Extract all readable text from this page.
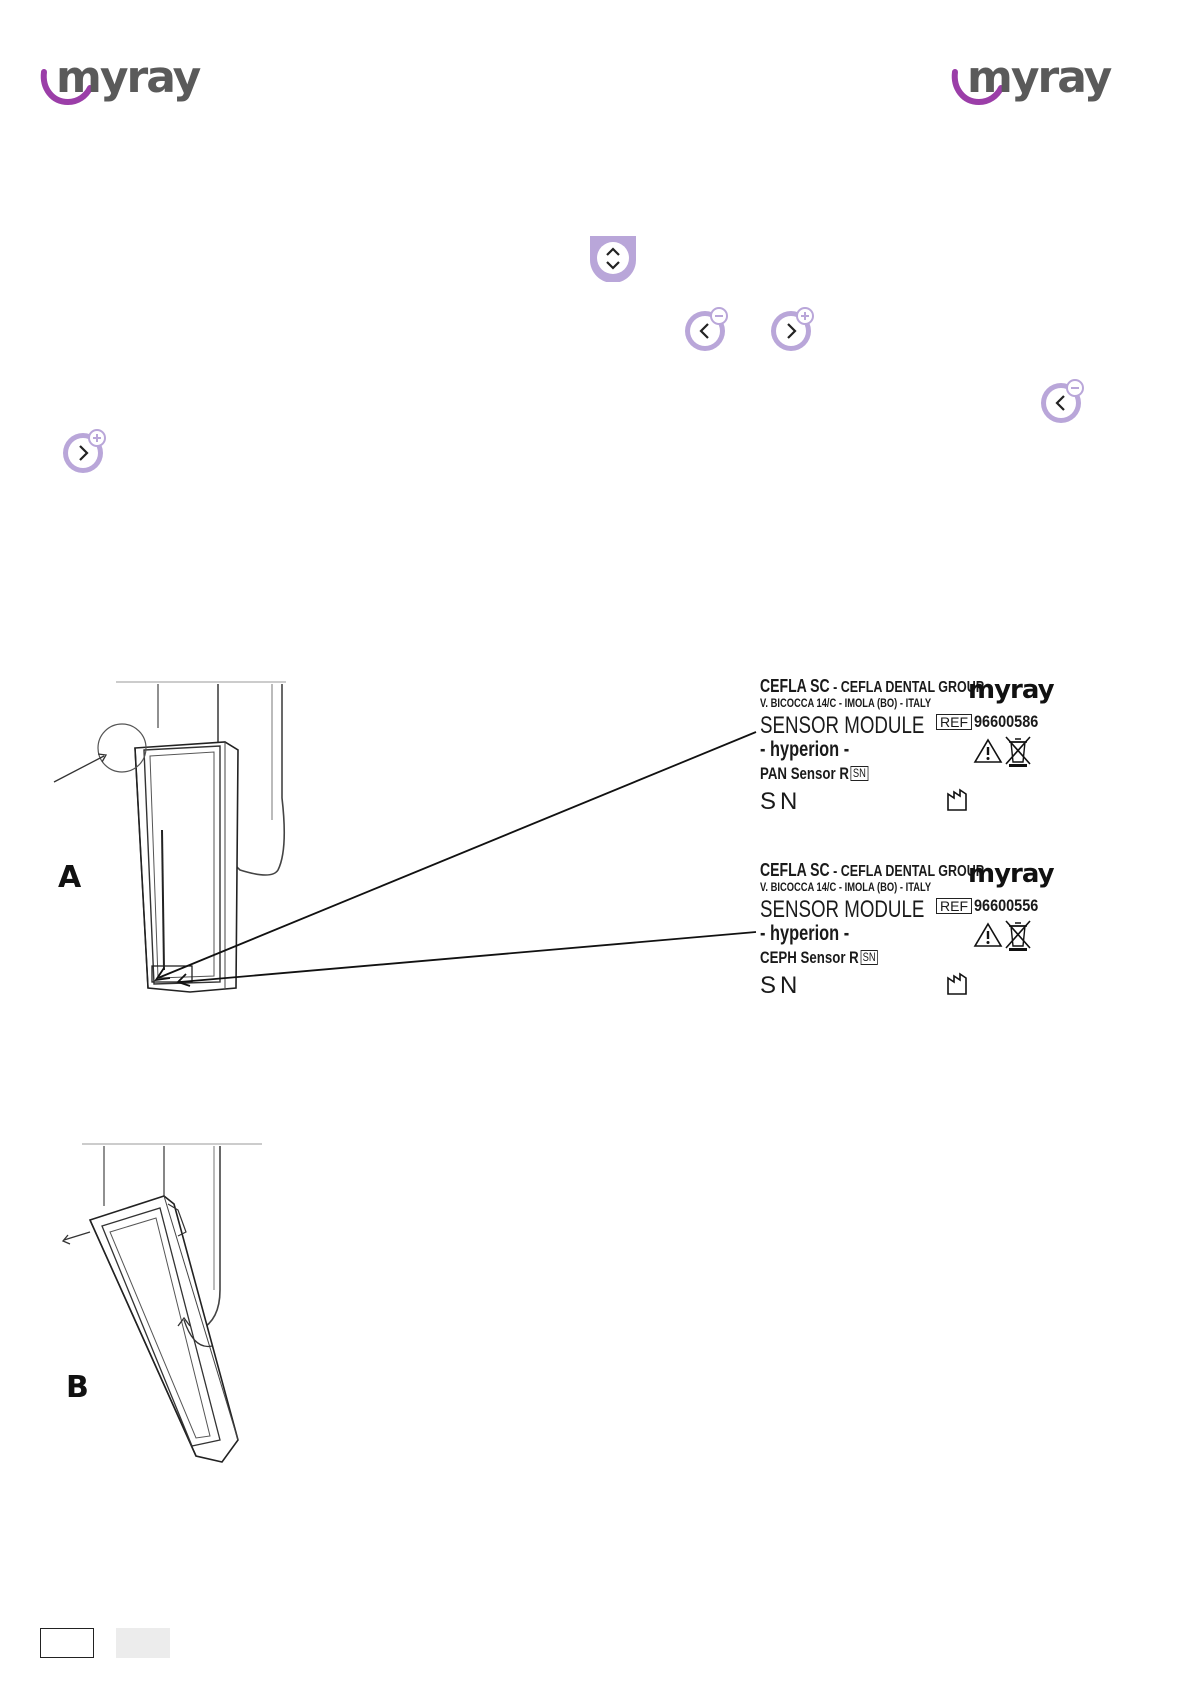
myray	myray
A
CEFLA SC - CEFLA DENTAL GROUP
V. BICOCCA 14/C - IMOLA (BO) - ITALY myray
SENSOR MODULE REF 96600586
- hyperion -
PAN Sensor R SN
SN
CEFLA SC - CEFLA DENTAL GROUP
V. BICOCCA 14/C - IMOLA (BO) - ITALY myray
SENSOR MODULE REF 96600556
- hyperion -
CEPH Sensor R SN
SN
B
